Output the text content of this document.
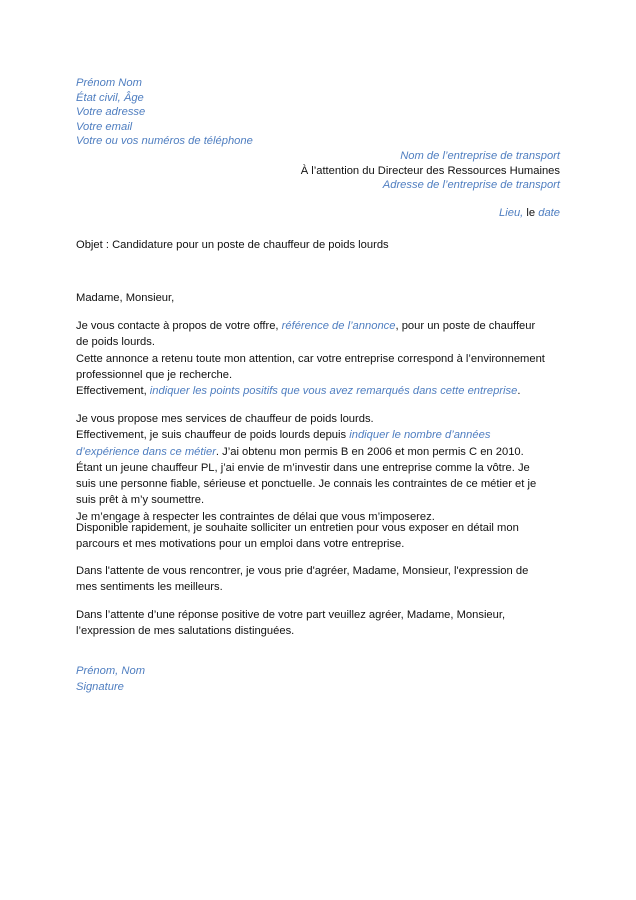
Prénom Nom
État civil, Âge
Votre adresse
Votre email
Votre ou vos numéros de téléphone
Nom de l’entreprise de transport
À l’attention du Directeur des Ressources Humaines
Adresse de l’entreprise de transport
Lieu, le date
Objet : Candidature pour un poste de chauffeur de poids lourds
Madame, Monsieur,

Je vous contacte à propos de votre offre, référence de l’annonce, pour un poste de chauffeur de poids lourds.

Cette annonce a retenu toute mon attention, car votre entreprise correspond à l’environnement professionnel que je recherche.

Effectivement, indiquer les points positifs que vous avez remarqués dans cette entreprise.

Je vous propose mes services de chauffeur de poids lourds.

Effectivement, je suis chauffeur de poids lourds depuis indiquer le nombre d’années d’expérience dans ce métier. J’ai obtenu mon permis B en 2006 et mon permis C en 2010. Étant un jeune chauffeur PL, j’ai envie de m’investir dans une entreprise comme la vôtre. Je suis une personne fiable, sérieuse et ponctuelle. Je connais les contraintes de ce métier et je suis prêt à m’y soumettre.

Je m’engage à respecter les contraintes de délai que vous m’imposerez.

Disponible rapidement, je souhaite solliciter un entretien pour vous exposer en détail mon parcours et mes motivations pour un emploi dans votre entreprise.
Dans l'attente de vous rencontrer, je vous prie d'agréer, Madame, Monsieur, l'expression de mes sentiments les meilleurs.
Dans l’attente d’une réponse positive de votre part veuillez agréer, Madame, Monsieur, l’expression de mes salutations distinguées.
Prénom, Nom
Signature
